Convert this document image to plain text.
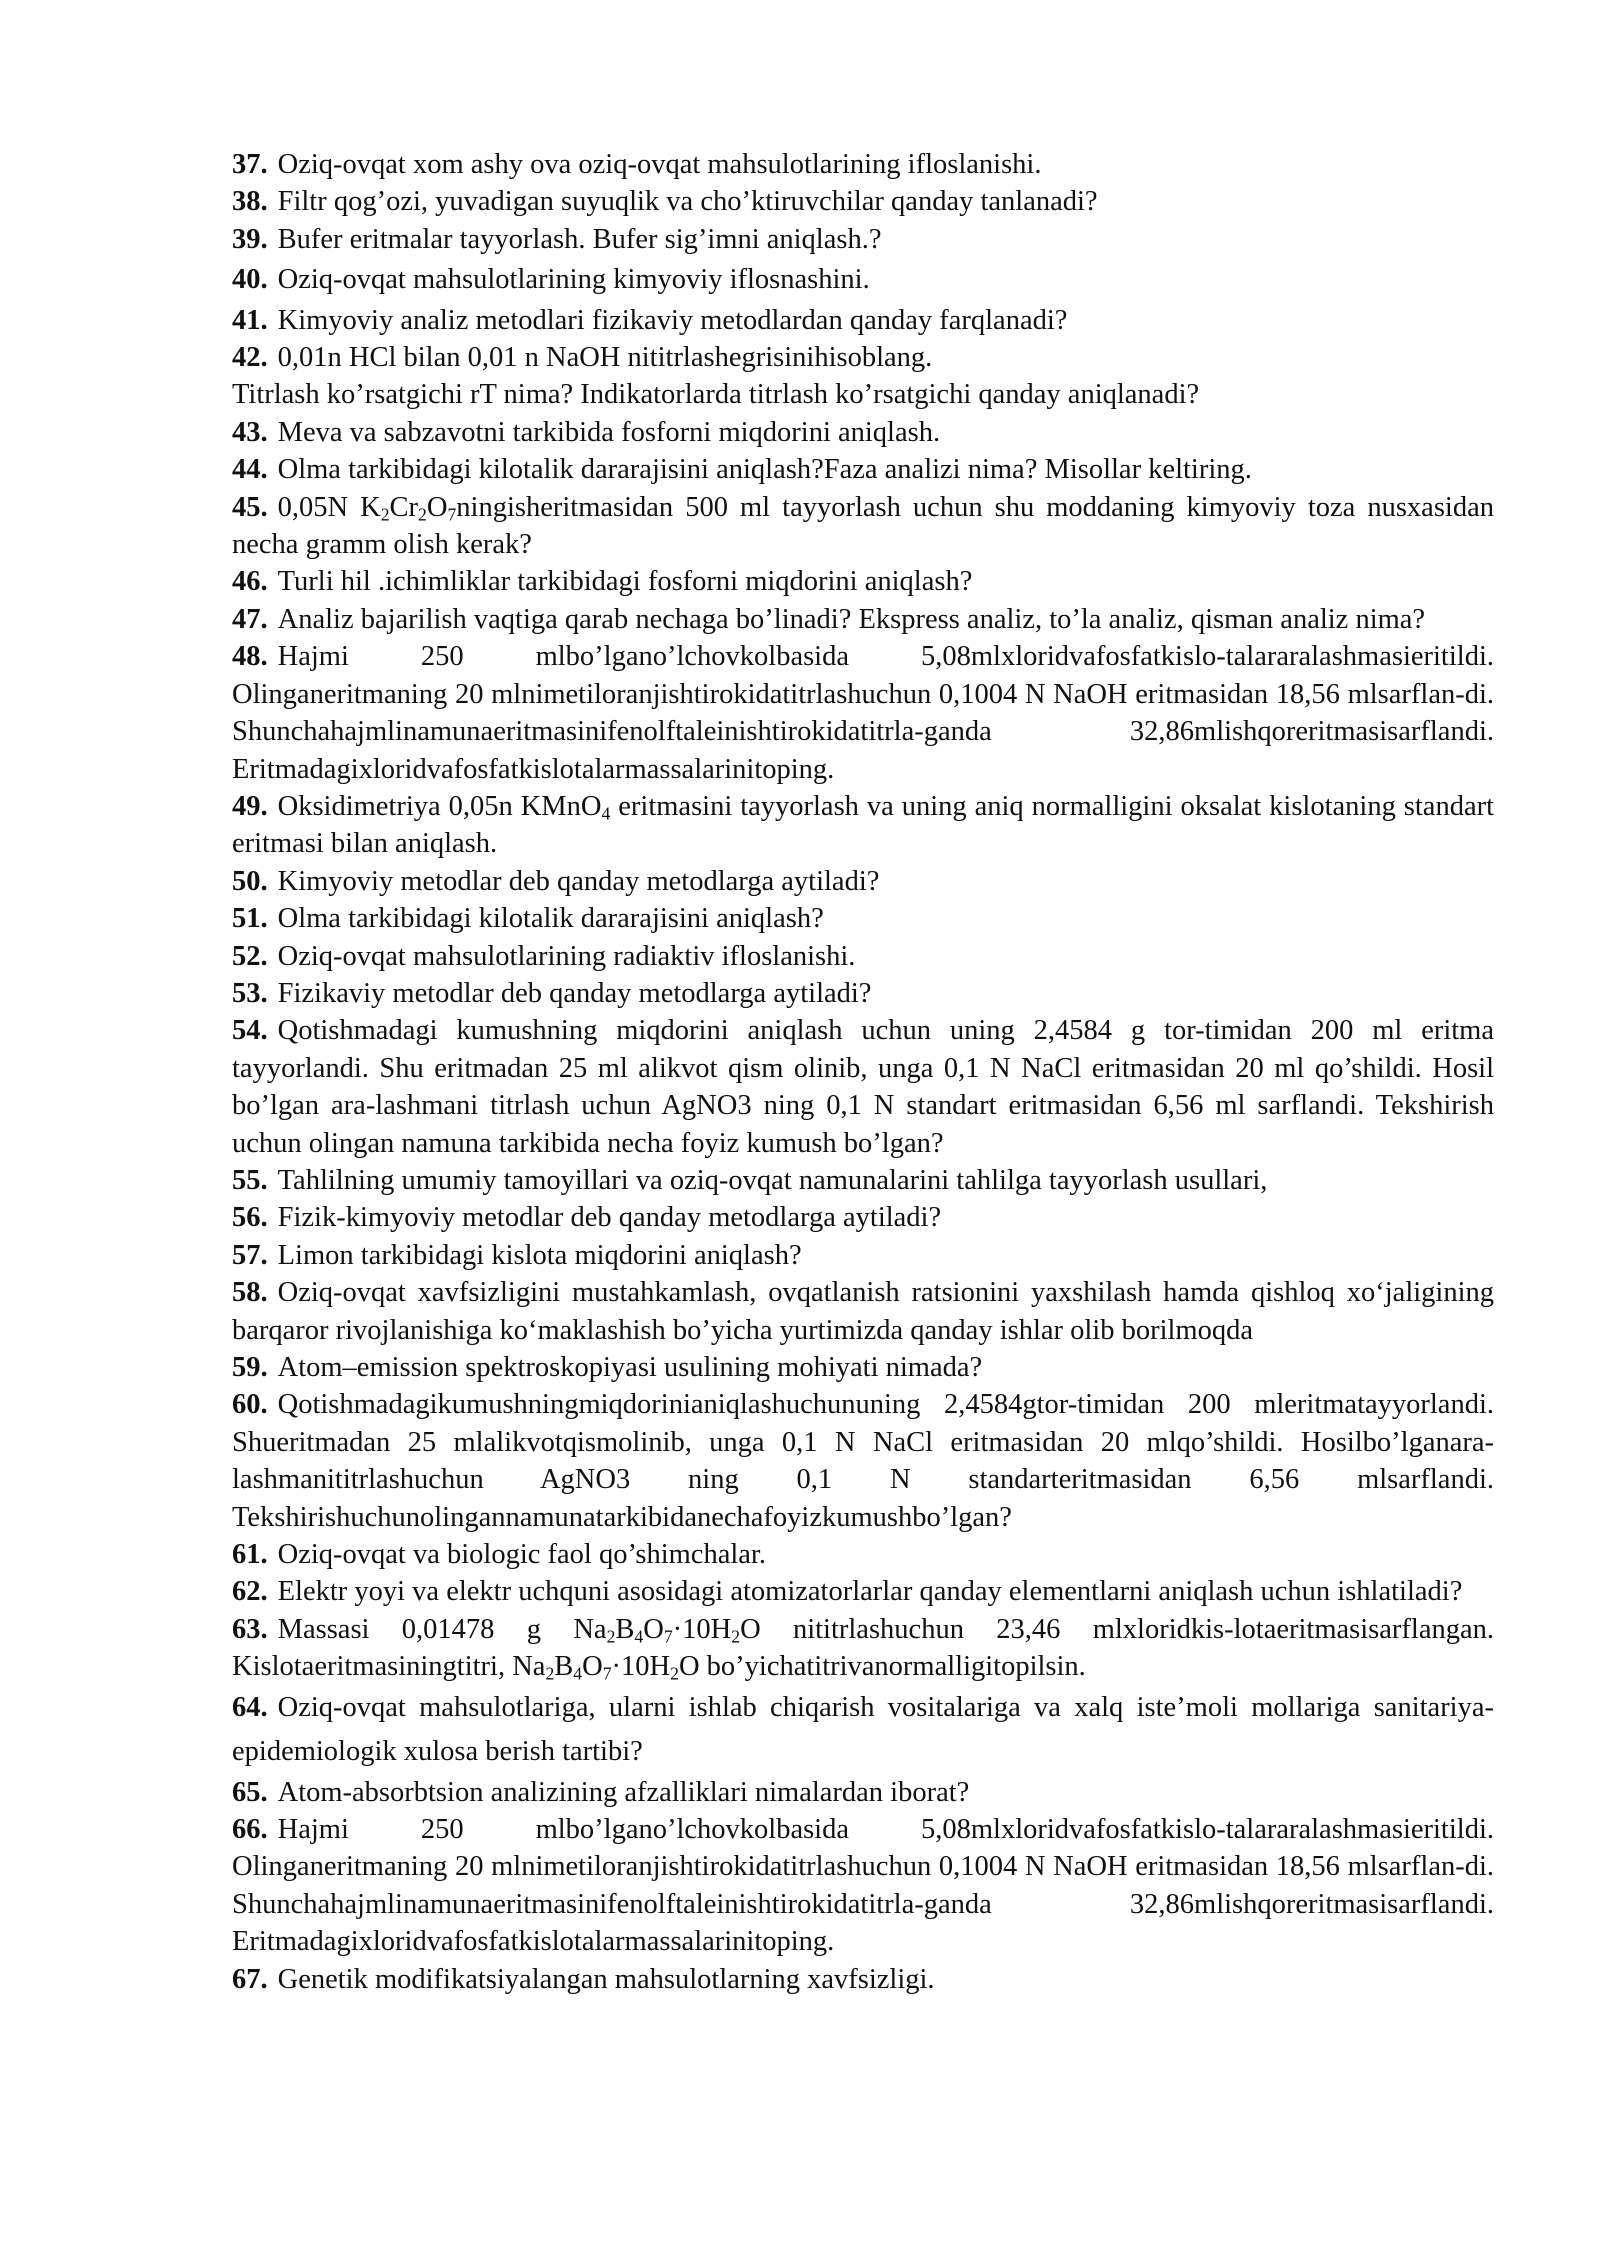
37. Oziq-ovqat xom ashy ova oziq-ovqat mahsulotlarining ifloslanishi.

38. Filtr qog’ozi, yuvadigan suyuqlik va cho’ktiruvchilar qanday tanlanadi?

39. Bufer eritmalar tayyorlash. Bufer sig’imni aniqlash.?

40. Oziq-ovqat mahsulotlarining kimyoviy iflosnashini.

41. Kimyoviy analiz metodlari fizikaviy metodlardan qanday farqlanadi?

42. 0,01n HCl bilan 0,01 n NaOH nititrlashegrisinihisoblang.

Titrlash ko’rsatgichi rT nima? Indikatorlarda titrlash ko’rsatgichi qanday aniqlanadi?

43. Meva va sabzavotni tarkibida fosforni miqdorini aniqlash.

44. Olma tarkibidagi kilotalik dararajisini aniqlash?Faza analizi nima? Misollar keltiring.

45. 0,05N $K_2Cr_2O_7ningisheritmasidan$ 500 ml tayyorlash uchun shu moddaning kimyoviy toza nusxasidan necha gramm olish kerak?

46. Turli hil .ichimliklar tarkibidagi fosforni miqdorini aniqlash?

47. Analiz bajarilish vaqtiga qarab nechaga bo’linadi? Ekspress analiz, to’la analiz, qisman analiz nima?

48. Hajmi 250 mlbo’lgano’lchovkolbasida 5,08mlxloridvafosfatkislo-talararalashmasieritildi. Olinganeritmaning 20 mlnimetiloranjishtirokidatitrlashuchun 0,1004 N NaOH eritmasidan 18,56 mlsarflan-di. Shunchahajmlinamunaeritmasinifenolftaleinishtirokidatitrla-ganda 32,86mlishqoreritmasisarflandi. Eritmadagixloridvafosfatkislotalarmassalarinitoping.

49. Oksidimetriya 0,05n KMnO$_4$ eritmasini tayyorlash va uning aniq normalligini oksalat kislotaning standart eritmasi bilan aniqlash.

50. Kimyoviy metodlar deb qanday metodlarga aytiladi?

51. Olma tarkibidagi kilotalik dararajisini aniqlash?

52. Oziq-ovqat mahsulotlarining radiaktiv ifloslanishi.

53. Fizikaviy metodlar deb qanday metodlarga aytiladi?

54. Qotishmadagi kumushning miqdorini aniqlash uchun uning 2,4584 g tor-timidan 200 ml eritma tayyorlandi. Shu eritmadan 25 ml alikvot qism olinib, unga 0,1 N NaCl eritmasidan 20 ml qo’shildi. Hosil bo’lgan ara-lashmani titrlash uchun AgNO3 ning 0,1 N standart eritmasidan 6,56 ml sarflandi. Tekshirish uchun olingan namuna tarkibida necha foyiz kumush bo’lgan?

55. Tahlilning umumiy tamoyillari va oziq-ovqat namunalarini tahlilga tayyorlash usullari,

56. Fizik-kimyoviy metodlar deb qanday metodlarga aytiladi?

57. Limon tarkibidagi kislota miqdorini aniqlash?

58. Oziq-ovqat xavfsizligini mustahkamlash, ovqatlanish ratsionini yaxshilash hamda qishloq xo‘jaligining barqaror rivojlanishiga ko‘maklashish bo’yicha yurtimizda qanday ishlar olib borilmoqda

59. Atom–emission spektroskopiyasi usulining mohiyati nimada?

60. Qotishmadagikumushningmiqdorinianiqlashuchununing 2,4584gtor-timidan 200 mleritmatayyorlandi. Shueritmadan 25 mlalikvotqismolinib, unga 0,1 N NaCl eritmasidan 20 mlqo’shildi. Hosilbo’lganara-lashmanititrlashuchun AgNO3 ning 0,1 N standarteritmasidan 6,56 mlsarflandi. Tekshirishuchunolingannamunatarkibidanechafoyizkumushbo’lgan?

61. Oziq-ovqat va biologic faol qo’shimchalar.

62. Elektr yoyi va elektr uchquni asosidagi atomizatorlarlar qanday elementlarni aniqlash uchun ishlatiladi?

63. Massasi 0,01478 g $Na_2B_4O_7\cdot 10H_2O$ nititrlashuchun 23,46 mlxloridkis-lotaeritmasisarflangan. Kislotaeritmasiningtitri, $Na_2B_4O_7\cdot 10H_2O$ bo’yichatitrivanormalligitopilsin.

64. Oziq-ovqat mahsulotlariga, ularni ishlab chiqarish vositalariga va xalq iste’moli mollariga sanitariya-epidemiologik xulosa berish tartibi?

65. Atom-absorbtsion analizining afzalliklari nimalardan iborat?

66. Hajmi 250 mlbo’lgano’lchovkolbasida 5,08mlxloridvafosfatkislo-talararalashmasieritildi. Olinganeritmaning 20 mlnimetiloranjishtirokidatitrlashuchun 0,1004 N NaOH eritmasidan 18,56 mlsarflan-di. Shunchahajmlinamunaeritmasinifenolftaleinishtirokidatitrla-ganda 32,86mlishqoreritmasisarflandi. Eritmadagixloridvafosfatkislotalarmassalarinitoping.

67. Genetik modifikatsiyalangan mahsulotlarning xavfsizligi.
